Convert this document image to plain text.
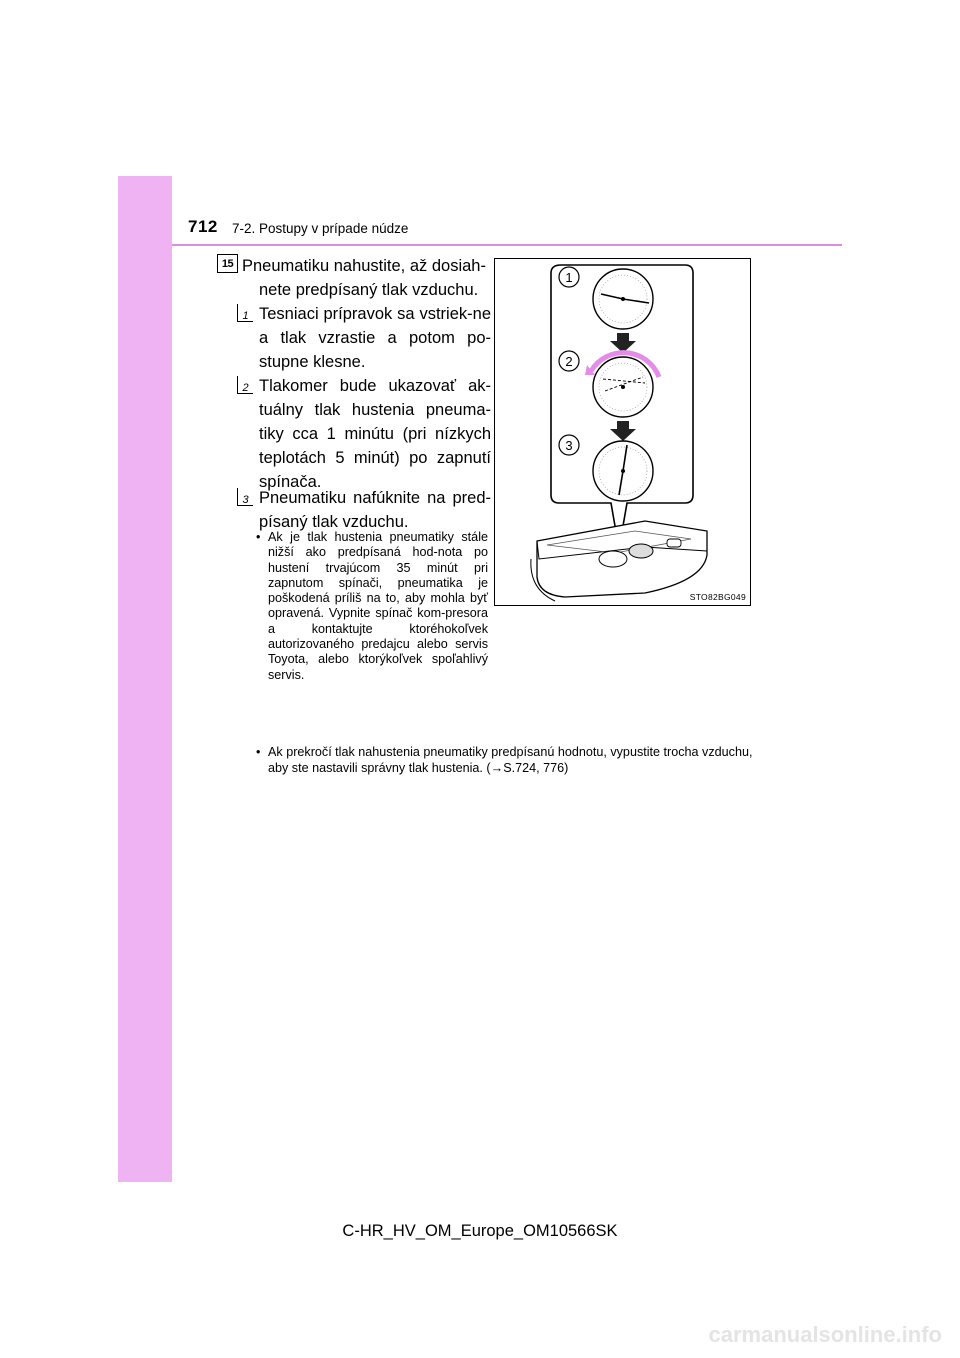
712 7-2. Postupy v prípade núdze
15 Pneumatiku nahustite, až dosiah-
nete predpísaný tlak vzduchu.
1 Tesniaci prípravok sa vstriek-ne a tlak vzrastie a potom po-stupne klesne.
2 Tlakomer bude ukazovať ak-tuálny tlak hustenia pneuma-tiky cca 1 minútu (pri nízkych teplotách 5 minút) po zapnutí spínača.
3 Pneumatiku nafúknite na pred-písaný tlak vzduchu.
• Ak je tlak hustenia pneumatiky stále nižší ako predpísaná hod-nota po hustení trvajúcom 35 minút pri zapnutom spínači, pneumatika je poškodená príliš na to, aby mohla byť opravená. Vypnite spínač kom-presora a kontaktujte ktoréhokoľvek autorizovaného predajcu alebo servis Toyota, alebo ktorýkoľvek spoľahlivý servis.
• Ak prekročí tlak nahustenia pneumatiky predpísanú hodnotu, vypustite trocha vzduchu, aby ste nastavili správny tlak hustenia. (→S.724, 776)
1
2
3
STO82BG049
C-HR_HV_OM_Europe_OM10566SK
carmanualsonline.info
